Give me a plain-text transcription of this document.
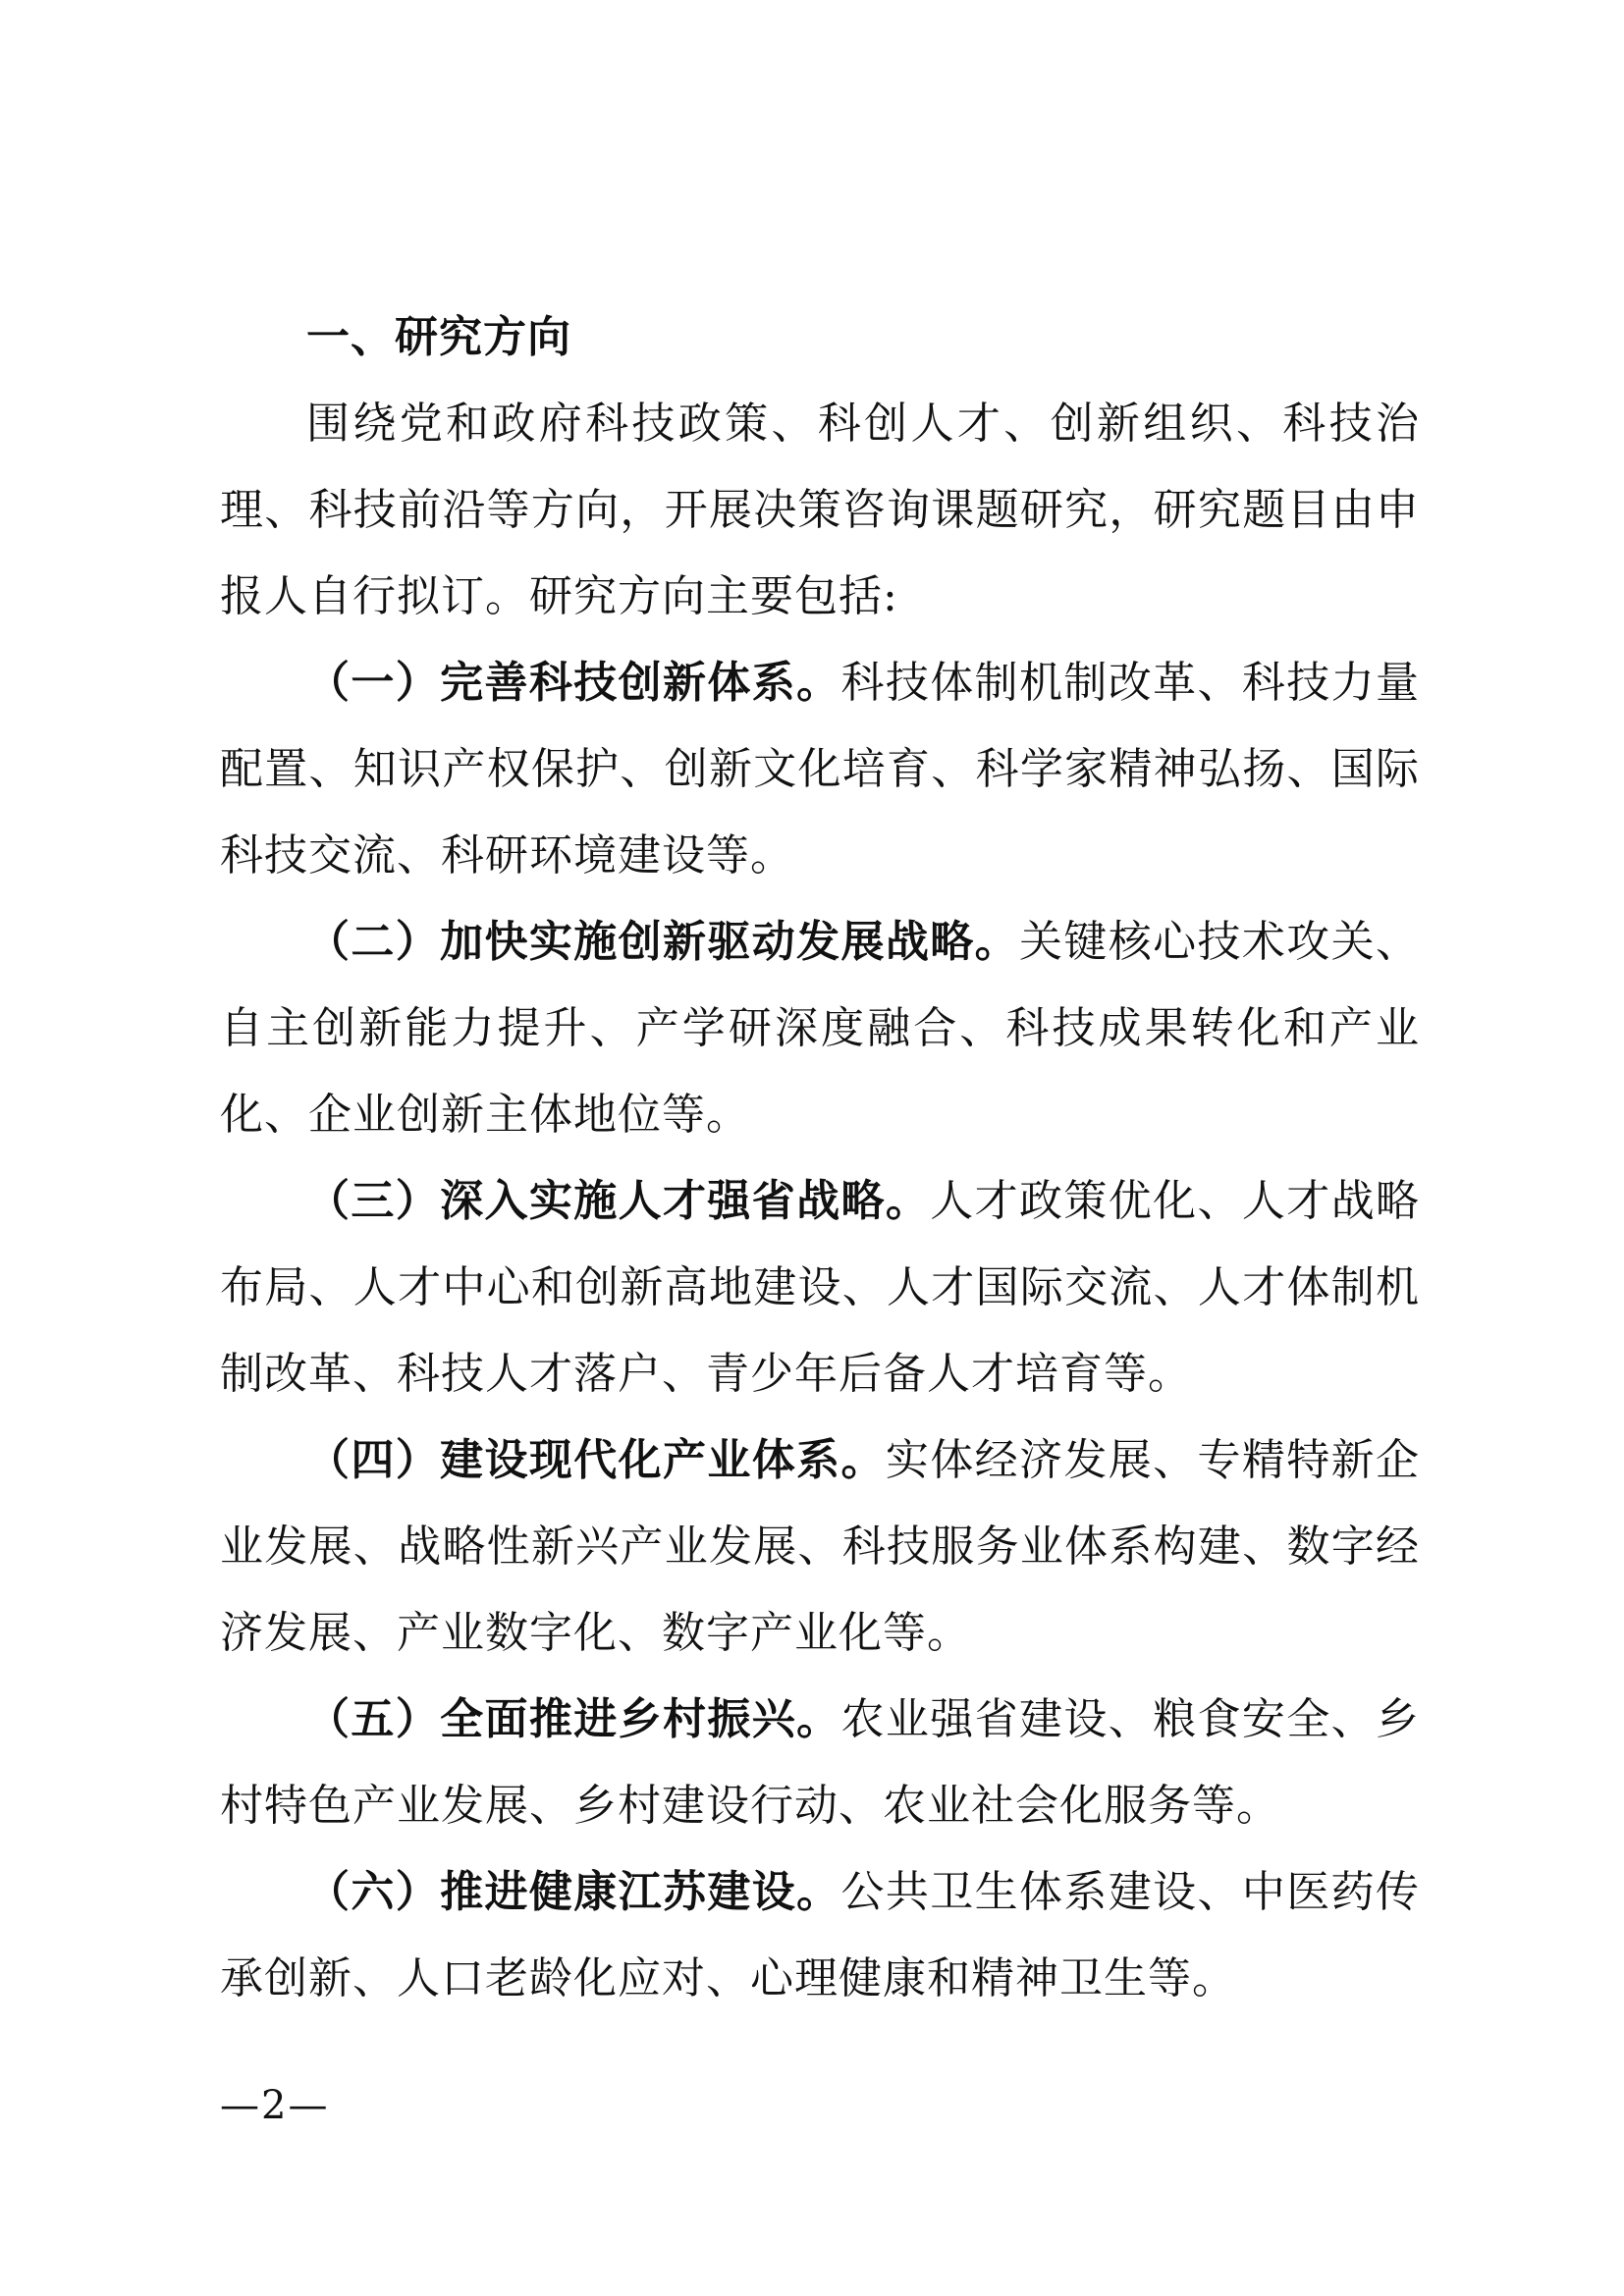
一、研究方向

围绕党和政府科技政策、科创人才、创新组织、科技治理、科技前沿等方向，开展决策咨询课题研究，研究题目由申报人自行拟订。研究方向主要包括:

（一）完善科技创新体系。科技体制机制改革、科技力量配置、知识产权保护、创新文化培育、科学家精神弘扬、国际科技交流、科研环境建设等。

（二）加快实施创新驱动发展战略。关键核心技术攻关、自主创新能力提升、产学研深度融合、科技成果转化和产业化、企业创新主体地位等。

（三）深入实施人才强省战略。人才政策优化、人才战略布局、人才中心和创新高地建设、人才国际交流、人才体制机制改革、科技人才落户、青少年后备人才培育等。

（四）建设现代化产业体系。实体经济发展、专精特新企业发展、战略性新兴产业发展、科技服务业体系构建、数字经济发展、产业数字化、数字产业化等。

（五）全面推进乡村振兴。农业强省建设、粮食安全、乡村特色产业发展、乡村建设行动、农业社会化服务等。

（六）推进健康江苏建设。公共卫生体系建设、中医药传承创新、人口老龄化应对、心理健康和精神卫生等。

—2—
